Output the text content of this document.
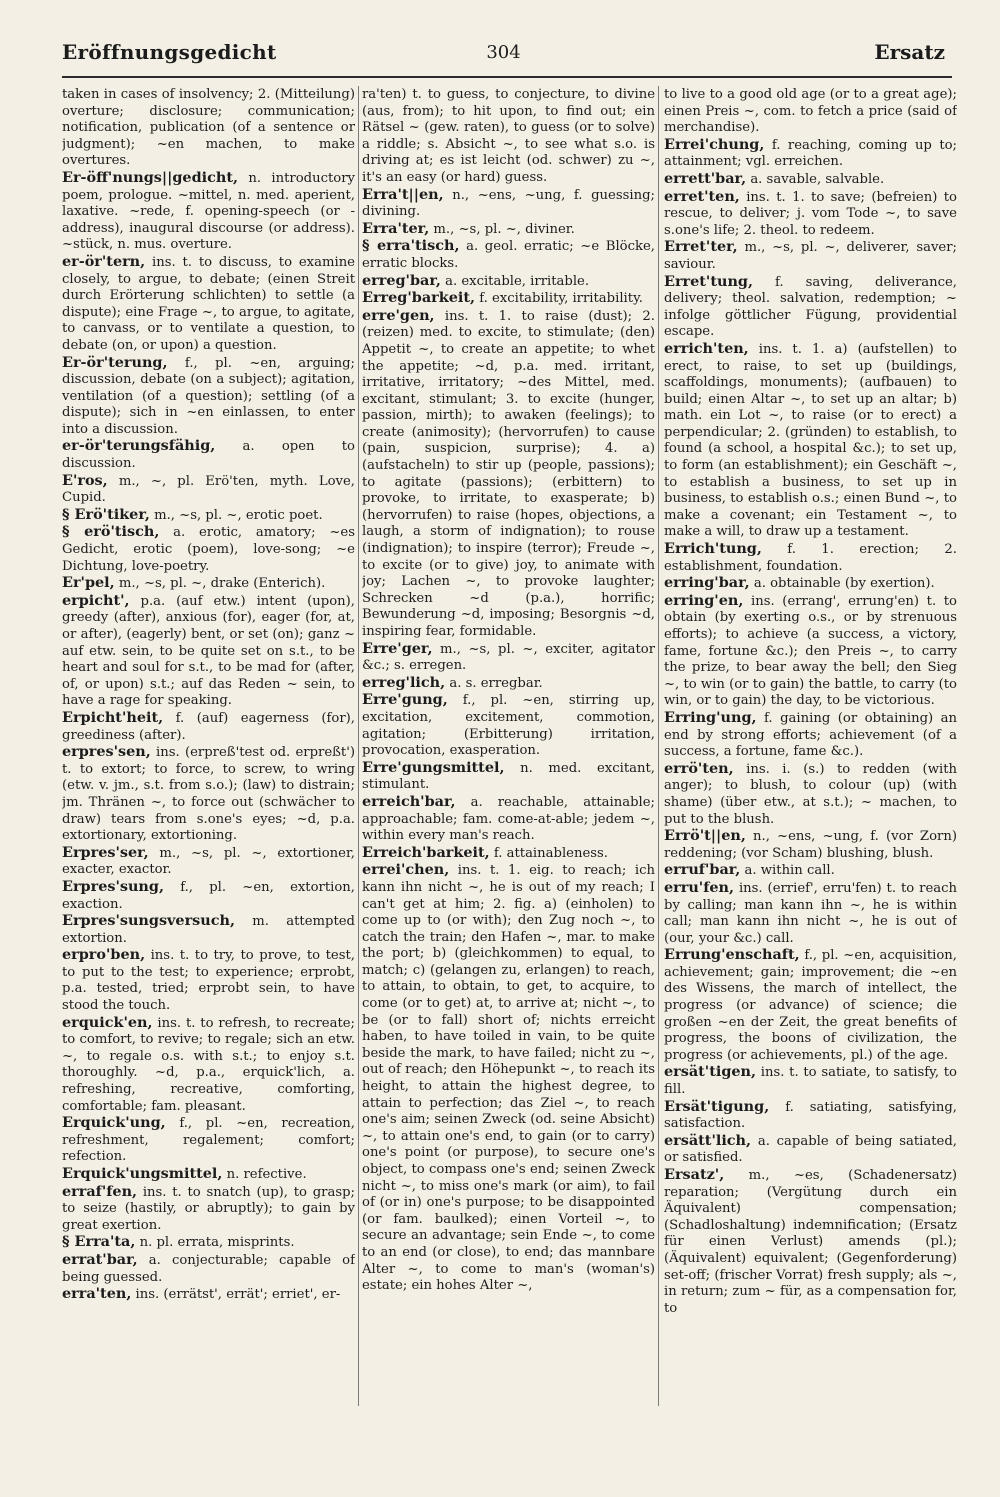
Eröffnungsgedicht	304	Ersatz

taken in cases of insolvency; 2. (Mitteilung) overture; disclosure; communication; notification, publication (of a sentence or judgment); ~en machen, to make overtures.

Er-öff'nungs||gedicht, n. introductory poem, prologue. ~mittel, n. med. aperient, laxative. ~rede, f. opening-speech (or -address), inaugural discourse (or address). ~stück, n. mus. overture.

er-ör'tern, ins. t. to discuss, to examine closely, to argue, to debate; (einen Streit durch Erörterung schlichten) to settle (a dispute); eine Frage ~, to argue, to agitate, to canvass, or to ventilate a question, to debate (on, or upon) a question.

Er-ör'terung, f., pl. ~en, arguing; discussion, debate (on a subject); agitation, ventilation (of a question); settling (of a dispute); sich in ~en einlassen, to enter into a discussion.

er-ör'terungsfähig, a. open to discussion.

E'ros, m., ~, pl. Erö'ten, myth. Love, Cupid.

§ Erö'tiker, m., ~s, pl. ~, erotic poet.

§ erö'tisch, a. erotic, amatory; ~es Gedicht, erotic (poem), love-song; ~e Dichtung, love-poetry.

Er'pel, m., ~s, pl. ~, drake (Enterich).

erpicht', p.a. (auf etw.) intent (upon), greedy (after), anxious (for), eager (for, at, or after), (eagerly) bent, or set (on); ganz ~ auf etw. sein, to be quite set on s.t., to be heart and soul for s.t., to be mad for (after, of, or upon) s.t.; auf das Reden ~ sein, to have a rage for speaking.

Erpicht'heit, f. (auf) eagerness (for), greediness (after).

erpres'sen, ins. (erpreß'test od. erpreßt') t. to extort; to force, to screw, to wring (etw. v. jm., s.t. from s.o.); (law) to distrain; jm. Thränen ~, to force out (schwächer to draw) tears from s.one's eyes; ~d, p.a. extortionary, extortioning.

Erpres'ser, m., ~s, pl. ~, extortioner, exacter, exactor.

Erpres'sung, f., pl. ~en, extortion, exaction.

Erpres'sungsversuch, m. attempted extortion.

erpro'ben, ins. t. to try, to prove, to test, to put to the test; to experience; erprobt, p.a. tested, tried; erprobt sein, to have stood the touch.

erquick'en, ins. t. to refresh, to recreate; to comfort, to revive; to regale; sich an etw. ~, to regale o.s. with s.t.; to enjoy s.t. thoroughly. ~d, p.a., erquick'lich, a. refreshing, recreative, comforting, comfortable; fam. pleasant.

Erquick'ung, f., pl. ~en, recreation, refreshment, regalement; comfort; refection.

Erquick'ungsmittel, n. refective.

erraf'fen, ins. t. to snatch (up), to grasp; to seize (hastily, or abruptly); to gain by great exertion.

§ Erra'ta, n. pl. errata, misprints.

errat'bar, a. conjecturable; capable of being guessed.

erra'ten, ins. (errätst', errät'; erriet', er-

ra'ten) t. to guess, to conjecture, to divine (aus, from); to hit upon, to find out; ein Rätsel ~ (gew. raten), to guess (or to solve) a riddle; s. Absicht ~, to see what s.o. is driving at; es ist leicht (od. schwer) zu ~, it's an easy (or hard) guess.

Erra't||en, n., ~ens, ~ung, f. guessing; divining.

Erra'ter, m., ~s, pl. ~, diviner.

§ erra'tisch, a. geol. erratic; ~e Blöcke, erratic blocks.

erreg'bar, a. excitable, irritable.

Erreg'barkeit, f. excitability, irritability.

erre'gen, ins. t. 1. to raise (dust); 2. (reizen) med. to excite, to stimulate; (den) Appetit ~, to create an appetite; to whet the appetite; ~d, p.a. med. irritant, irritative, irritatory; ~des Mittel, med. excitant, stimulant; 3. to excite (hunger, passion, mirth); to awaken (feelings); to create (animosity); (hervorrufen) to cause (pain, suspicion, surprise); 4. a) (aufstacheln) to stir up (people, passions); to agitate (passions); (erbittern) to provoke, to irritate, to exasperate; b) (hervorrufen) to raise (hopes, objections, a laugh, a storm of indignation); to rouse (indignation); to inspire (terror); Freude ~, to excite (or to give) joy, to animate with joy; Lachen ~, to provoke laughter; Schrecken ~d (p.a.), horrific; Bewunderung ~d, imposing; Besorgnis ~d, inspiring fear, formidable.

Erre'ger, m., ~s, pl. ~, exciter, agitator &c.; s. erregen.

erreg'lich, a. s. erregbar.

Erre'gung, f., pl. ~en, stirring up, excitation, excitement, commotion, agitation; (Erbitterung) irritation, provocation, exasperation.

Erre'gungsmittel, n. med. excitant, stimulant.

erreich'bar, a. reachable, attainable; approachable; fam. come-at-able; jedem ~, within every man's reach.

Erreich'barkeit, f. attainableness.

errei'chen, ins. t. 1. eig. to reach; ich kann ihn nicht ~, he is out of my reach; I can't get at him; 2. fig. a) (einholen) to come up to (or with); den Zug noch ~, to catch the train; den Hafen ~, mar. to make the port; b) (gleichkommen) to equal, to match; c) (gelangen zu, erlangen) to reach, to attain, to obtain, to get, to acquire, to come (or to get) at, to arrive at; nicht ~, to be (or to fall) short of; nichts erreicht haben, to have toiled in vain, to be quite beside the mark, to have failed; nicht zu ~, out of reach; den Höhepunkt ~, to reach its height, to attain the highest degree, to attain to perfection; das Ziel ~, to reach one's aim; seinen Zweck (od. seine Absicht) ~, to attain one's end, to gain (or to carry) one's point (or purpose), to secure one's object, to compass one's end; seinen Zweck nicht ~, to miss one's mark (or aim), to fail of (or in) one's purpose; to be disappointed (or fam. baulked); einen Vorteil ~, to secure an advantage; sein Ende ~, to come to an end (or close), to end; das mannbare Alter ~, to come to man's (woman's) estate; ein hohes Alter ~,

to live to a good old age (or to a great age); einen Preis ~, com. to fetch a price (said of merchandise).

Errei'chung, f. reaching, coming up to; attainment; vgl. erreichen.

errett'bar, a. savable, salvable.

erret'ten, ins. t. 1. to save; (befreien) to rescue, to deliver; j. vom Tode ~, to save s.one's life; 2. theol. to redeem.

Erret'ter, m., ~s, pl. ~, deliverer, saver; saviour.

Erret'tung, f. saving, deliverance, delivery; theol. salvation, redemption; ~ infolge göttlicher Fügung, providential escape.

errich'ten, ins. t. 1. a) (aufstellen) to erect, to raise, to set up (buildings, scaffoldings, monuments); (aufbauen) to build; einen Altar ~, to set up an altar; b) math. ein Lot ~, to raise (or to erect) a perpendicular; 2. (gründen) to establish, to found (a school, a hospital &c.); to set up, to form (an establishment); ein Geschäft ~, to establish a business, to set up in business, to establish o.s.; einen Bund ~, to make a covenant; ein Testament ~, to make a will, to draw up a testament.

Errich'tung, f. 1. erection; 2. establishment, foundation.

erring'bar, a. obtainable (by exertion).

erring'en, ins. (errang', errung'en) t. to obtain (by exerting o.s., or by strenuous efforts); to achieve (a success, a victory, fame, fortune &c.); den Preis ~, to carry the prize, to bear away the bell; den Sieg ~, to win (or to gain) the battle, to carry (to win, or to gain) the day, to be victorious.

Erring'ung, f. gaining (or obtaining) an end by strong efforts; achievement (of a success, a fortune, fame &c.).

errö'ten, ins. i. (s.) to redden (with anger); to blush, to colour (up) (with shame) (über etw., at s.t.); ~ machen, to put to the blush.

Errö't||en, n., ~ens, ~ung, f. (vor Zorn) reddening; (vor Scham) blushing, blush.

erruf'bar, a. within call.

erru'fen, ins. (errief', erru'fen) t. to reach by calling; man kann ihn ~, he is within call; man kann ihn nicht ~, he is out of (our, your &c.) call.

Errung'enschaft, f., pl. ~en, acquisition, achievement; gain; improvement; die ~en des Wissens, the march of intellect, the progress (or advance) of science; die großen ~en der Zeit, the great benefits of progress, the boons of civilization, the progress (or achievements, pl.) of the age.

ersät'tigen, ins. t. to satiate, to satisfy, to fill.

Ersät'tigung, f. satiating, satisfying, satisfaction.

ersätt'lich, a. capable of being satiated, or satisfied.

Ersatz', m., ~es, (Schadenersatz) reparation; (Vergütung durch ein Äquivalent) compensation; (Schadloshaltung) indemnification; (Ersatz für einen Verlust) amends (pl.); (Äquivalent) equivalent; (Gegenforderung) set-off; (frischer Vorrat) fresh supply; als ~, in return; zum ~ für, as a compensation for, to
